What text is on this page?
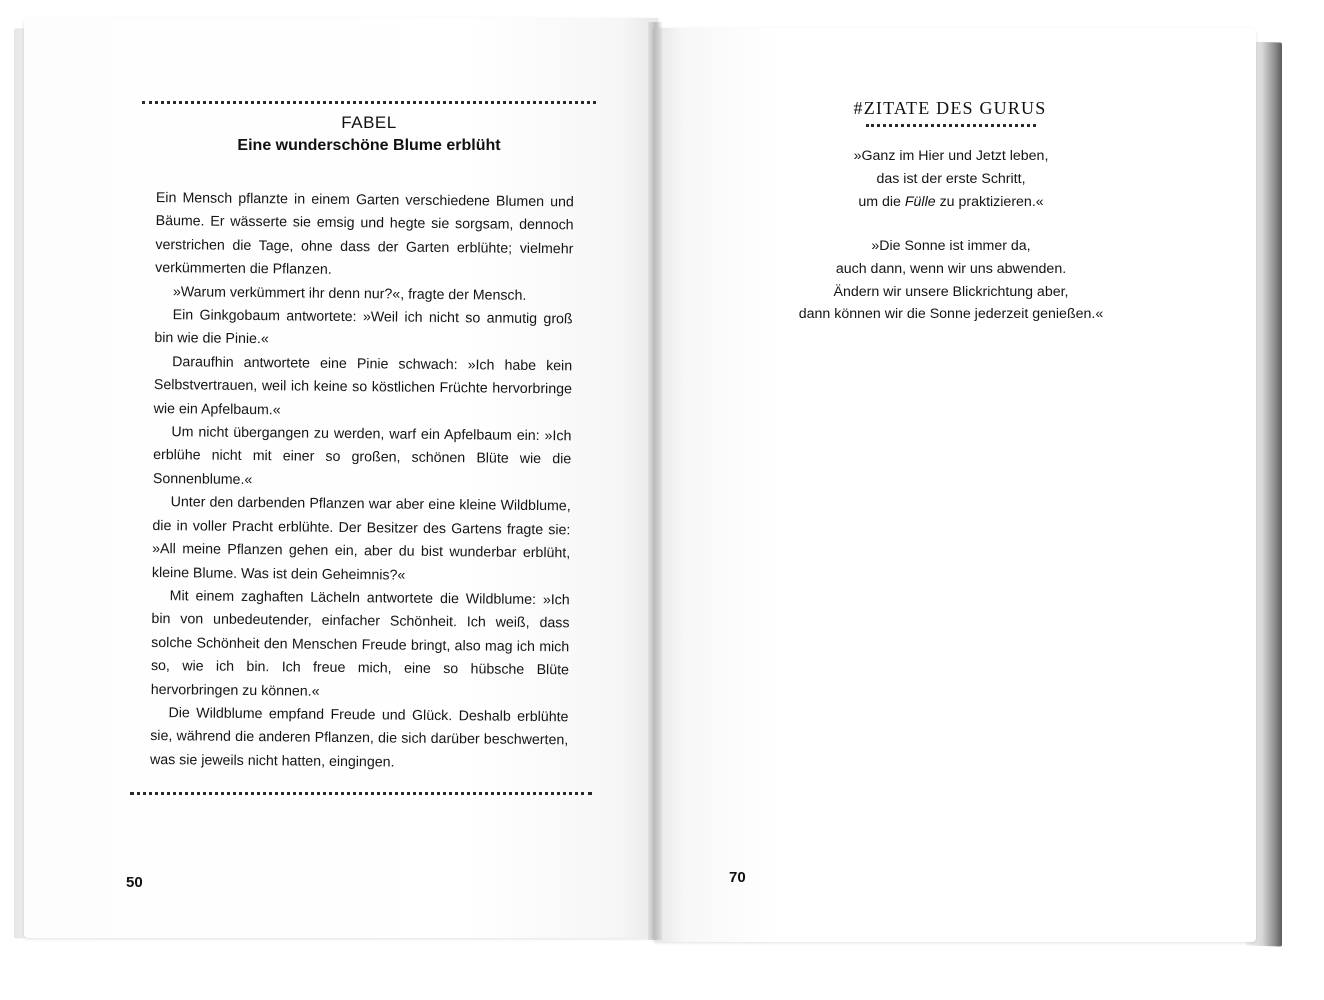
FABEL
Eine wunderschöne Blume erblüht

Ein Mensch pflanzte in einem Garten verschiedene Blumen und Bäume. Er wässerte sie emsig und hegte sie sorgsam, dennoch verstrichen die Tage, ohne dass der Garten erblühte; vielmehr verkümmerten die Pflanzen.

»Warum verkümmert ihr denn nur?«, fragte der Mensch.

Ein Ginkgobaum antwortete: »Weil ich nicht so anmutig groß bin wie die Pinie.«

Daraufhin antwortete eine Pinie schwach: »Ich habe kein Selbstvertrauen, weil ich keine so köstlichen Früchte hervorbringe wie ein Apfelbaum.«

Um nicht übergangen zu werden, warf ein Apfelbaum ein: »Ich erblühe nicht mit einer so großen, schönen Blüte wie die Sonnenblume.«

Unter den darbenden Pflanzen war aber eine kleine Wildblume, die in voller Pracht erblühte. Der Besitzer des Gartens fragte sie: »All meine Pflanzen gehen ein, aber du bist wunderbar erblüht, kleine Blume. Was ist dein Geheimnis?«

Mit einem zaghaften Lächeln antwortete die Wildblume: »Ich bin von unbedeutender, einfacher Schönheit. Ich weiß, dass solche Schönheit den Menschen Freude bringt, also mag ich mich so, wie ich bin. Ich freue mich, eine so hübsche Blüte hervorbringen zu können.«

Die Wildblume empfand Freude und Glück. Deshalb erblühte sie, während die anderen Pflanzen, die sich darüber beschwerten, was sie jeweils nicht hatten, eingingen.

50
#ZITATE DES GURUS
»Ganz im Hier und Jetzt leben,
das ist der erste Schritt,
um die Fülle zu praktizieren.«
»Die Sonne ist immer da,
auch dann, wenn wir uns abwenden.
Ändern wir unsere Blickrichtung aber,
dann können wir die Sonne jederzeit genießen.«
70
